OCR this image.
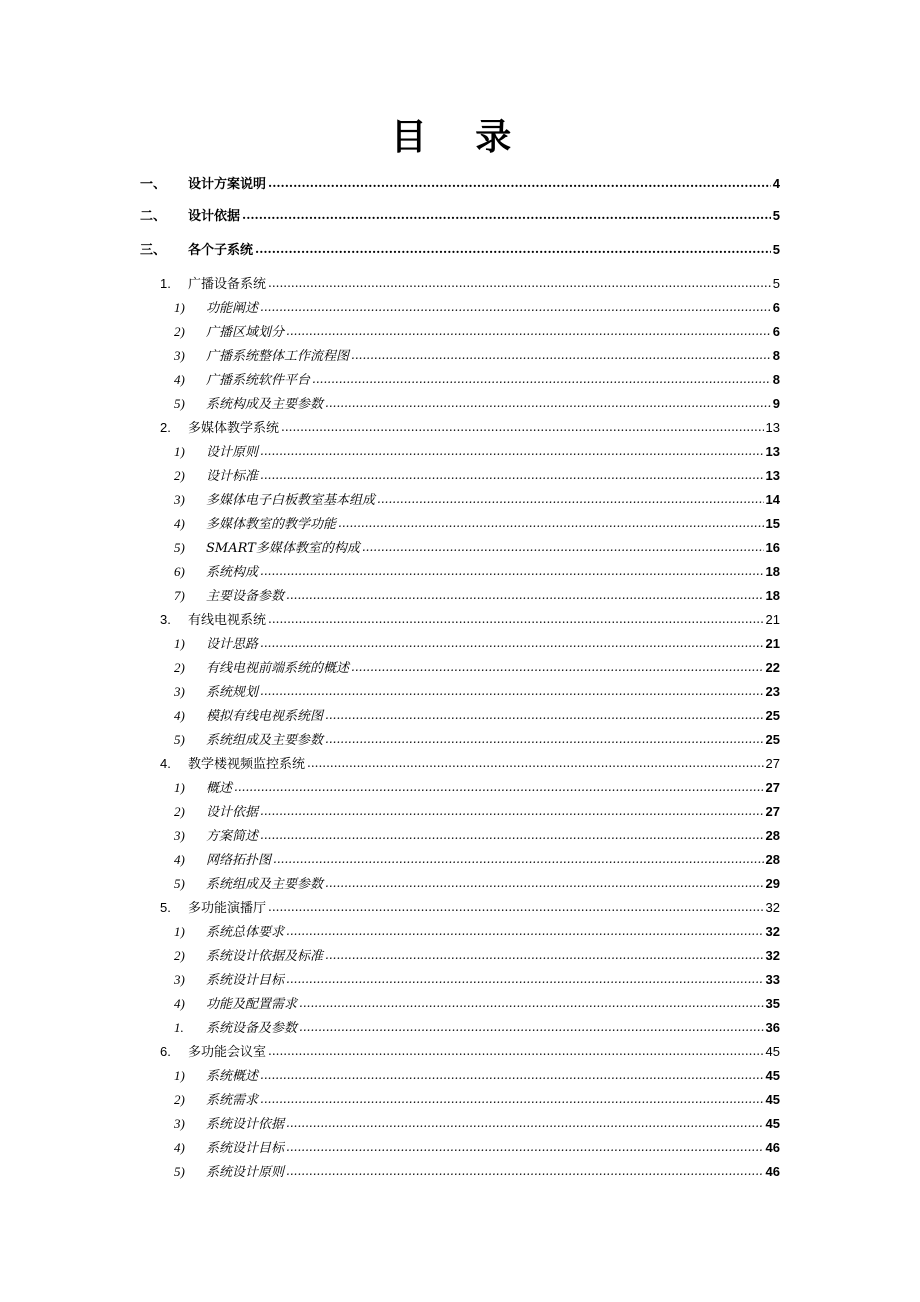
目 录
一、	设计方案说明 .....	4
二、	设计依据 .....	5
三、	各个子系统 .....	5
1.	广播设备系统 .....	5
1)	功能阐述 .....	6
2)	广播区域划分 .....	6
3)	广播系统整体工作流程图 .....	8
4)	广播系统软件平台 .....	8
5)	系统构成及主要参数 .....	9
2.	多媒体教学系统 .....	13
1)	设计原则 .....	13
2)	设计标准 .....	13
3)	多媒体电子白板教室基本组成 .....	14
4)	多媒体教室的教学功能 .....	15
5)	SMART多媒体教室的构成 .....	16
6)	系统构成 .....	18
7)	主要设备参数 .....	18
3.	有线电视系统 .....	21
1)	设计思路 .....	21
2)	有线电视前端系统的概述 .....	22
3)	系统规划 .....	23
4)	模拟有线电视系统图 .....	25
5)	系统组成及主要参数 .....	25
4.	教学楼视频监控系统 .....	27
1)	概述 .....	27
2)	设计依据 .....	27
3)	方案简述 .....	28
4)	网络拓扑图 .....	28
5)	系统组成及主要参数 .....	29
5.	多功能演播厅 .....	32
1)	系统总体要求 .....	32
2)	系统设计依据及标准 .....	32
3)	系统设计目标 .....	33
4)	功能及配置需求 .....	35
1.	系统设备及参数 .....	36
6.	多功能会议室 .....	45
1)	系统概述 .....	45
2)	系统需求 .....	45
3)	系统设计依据 .....	45
4)	系统设计目标 .....	46
5)	系统设计原则 .....	46
